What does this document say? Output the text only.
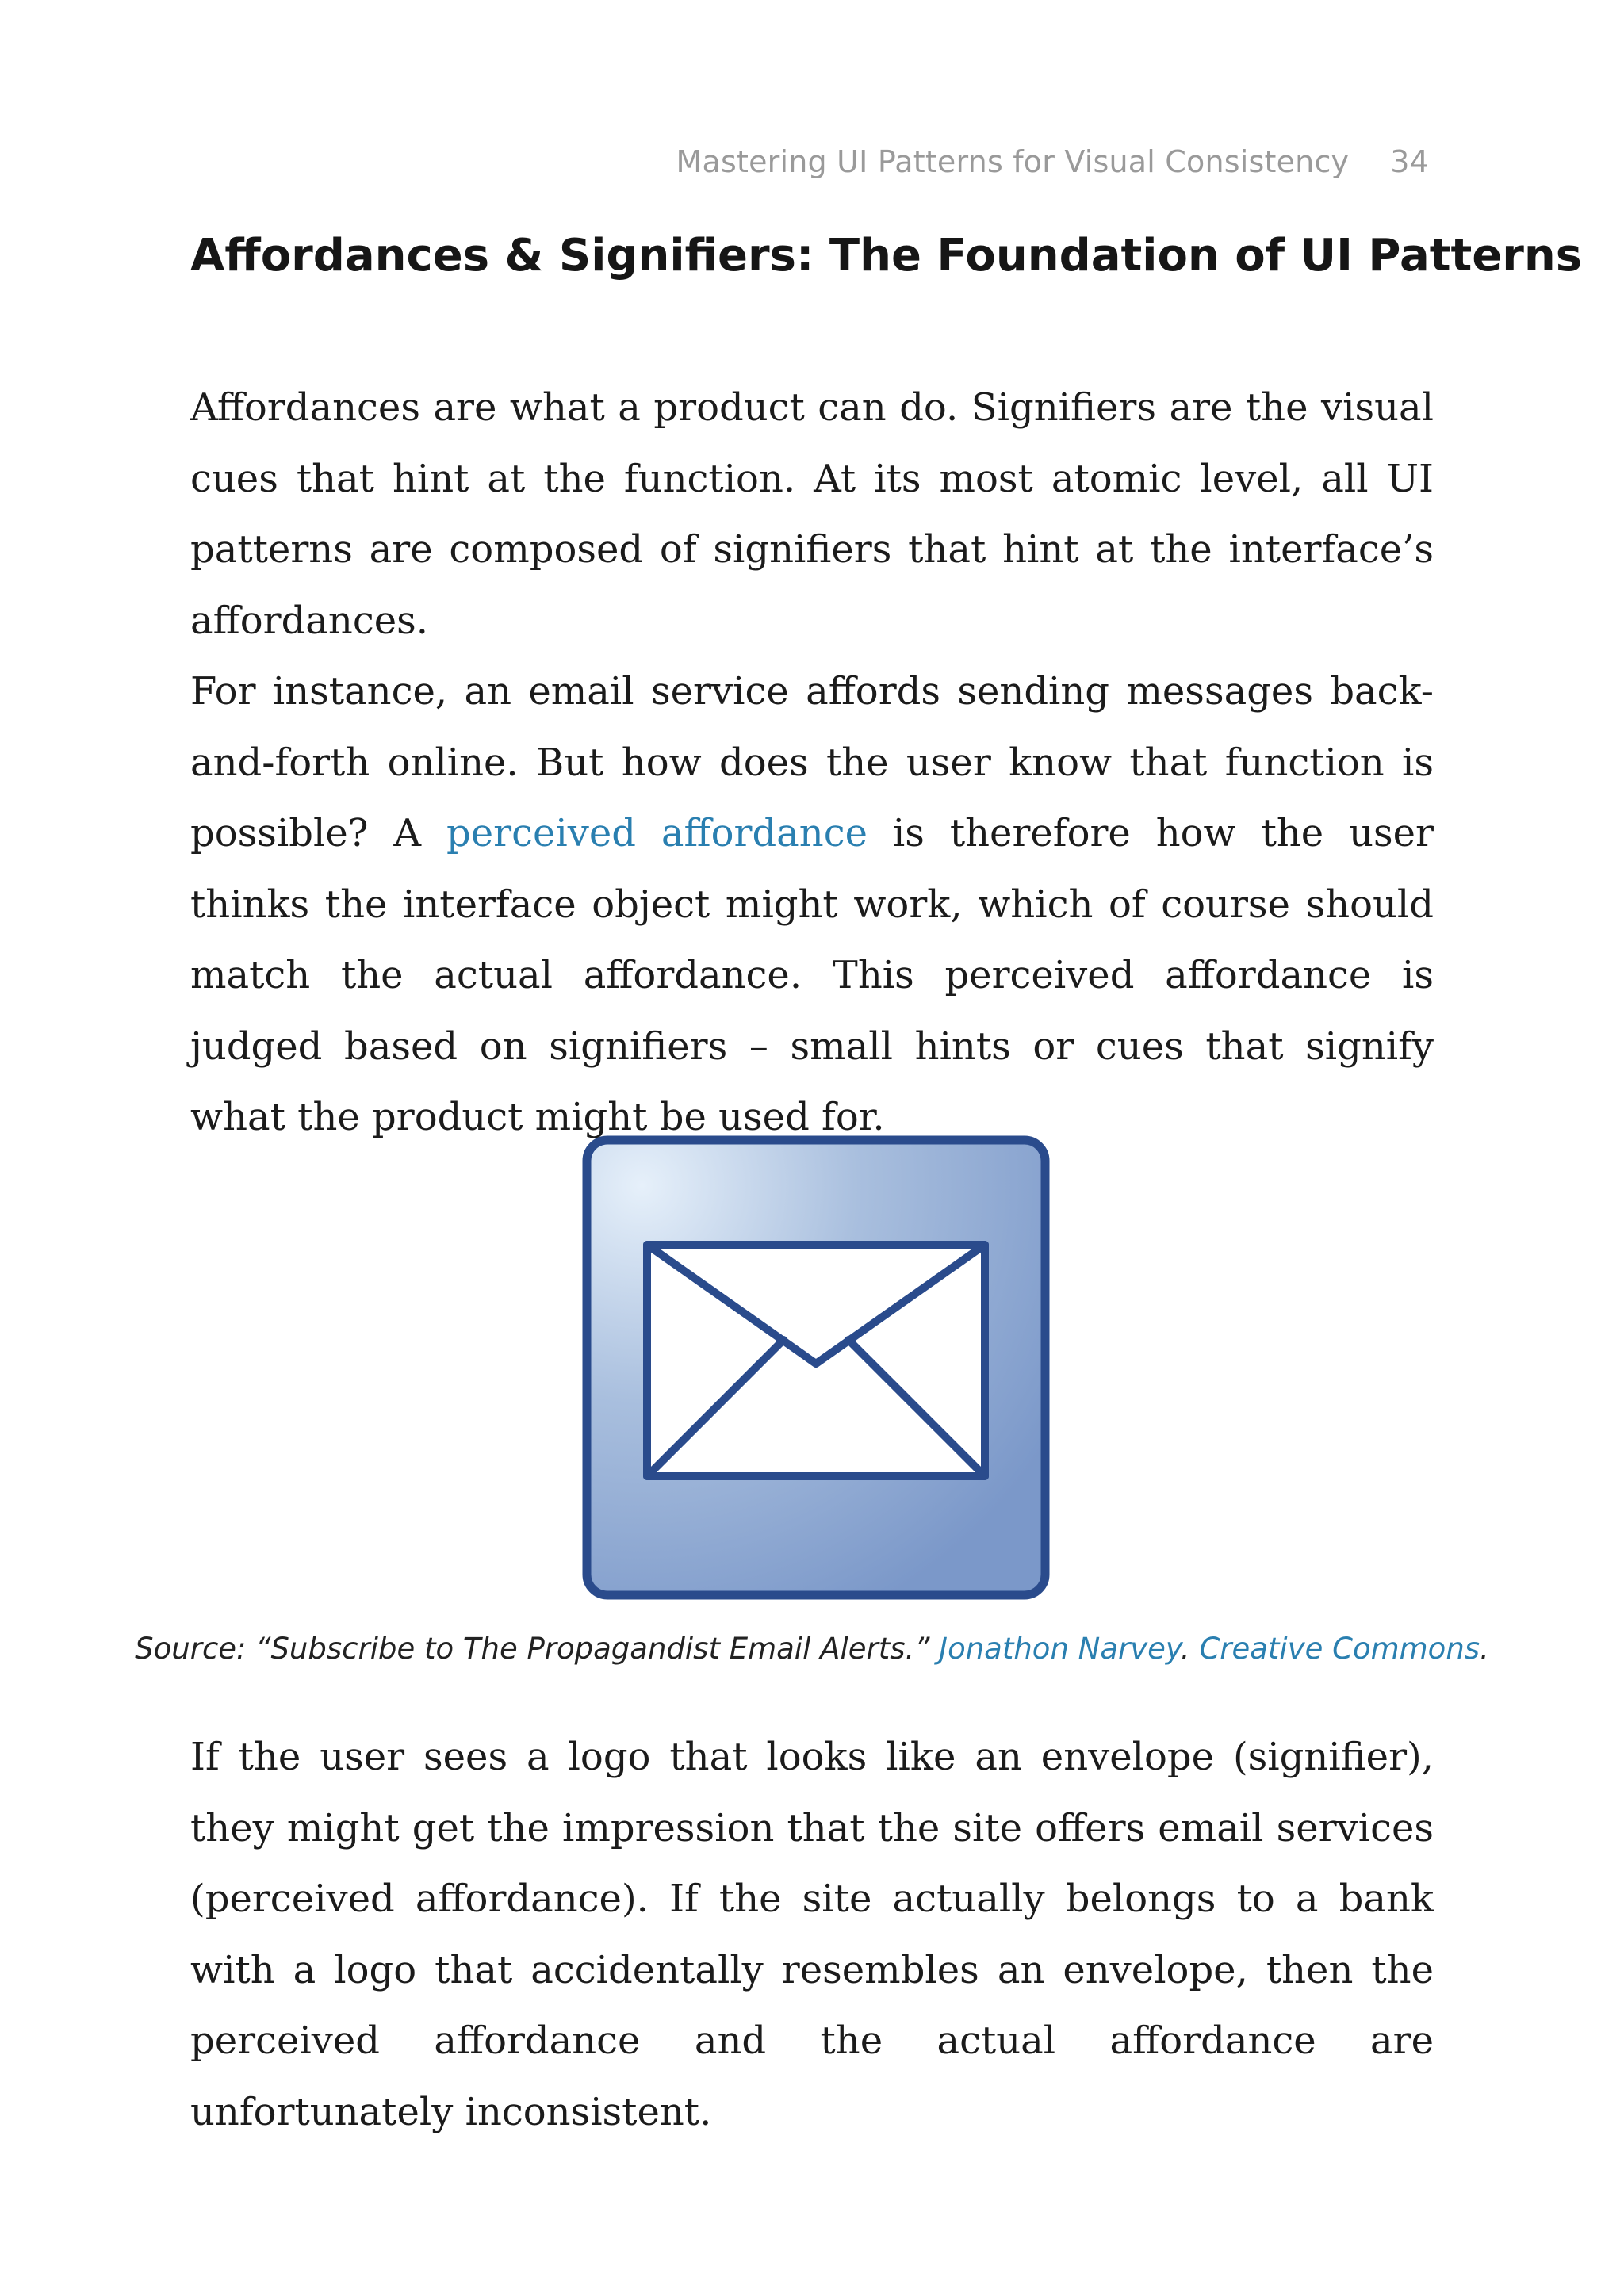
Mastering UI Patterns for Visual Consistency 34
Affordances & Signifiers: The Foundation of UI Patterns

Affordances are what a product can do. Signifiers are the visual cues that hint at the function. At its most atomic level, all UI patterns are composed of signifiers that hint at the interface’s affordances.

For instance, an email service affords sending messages back-and-forth online. But how does the user know that function is possible? A perceived affordance is therefore how the user thinks the interface object might work, which of course should match the actual affordance. This perceived affordance is judged based on signifiers – small hints or cues that signify what the product might be used for.

Source: “Subscribe to The Propagandist Email Alerts.” Jonathon Narvey. Creative Commons.

If the user sees a logo that looks like an envelope (signifier), they might get the impression that the site offers email services (perceived affordance). If the site actually belongs to a bank with a logo that accidentally resembles an envelope, then the perceived affordance and the actual affordance are unfortunately inconsistent.
